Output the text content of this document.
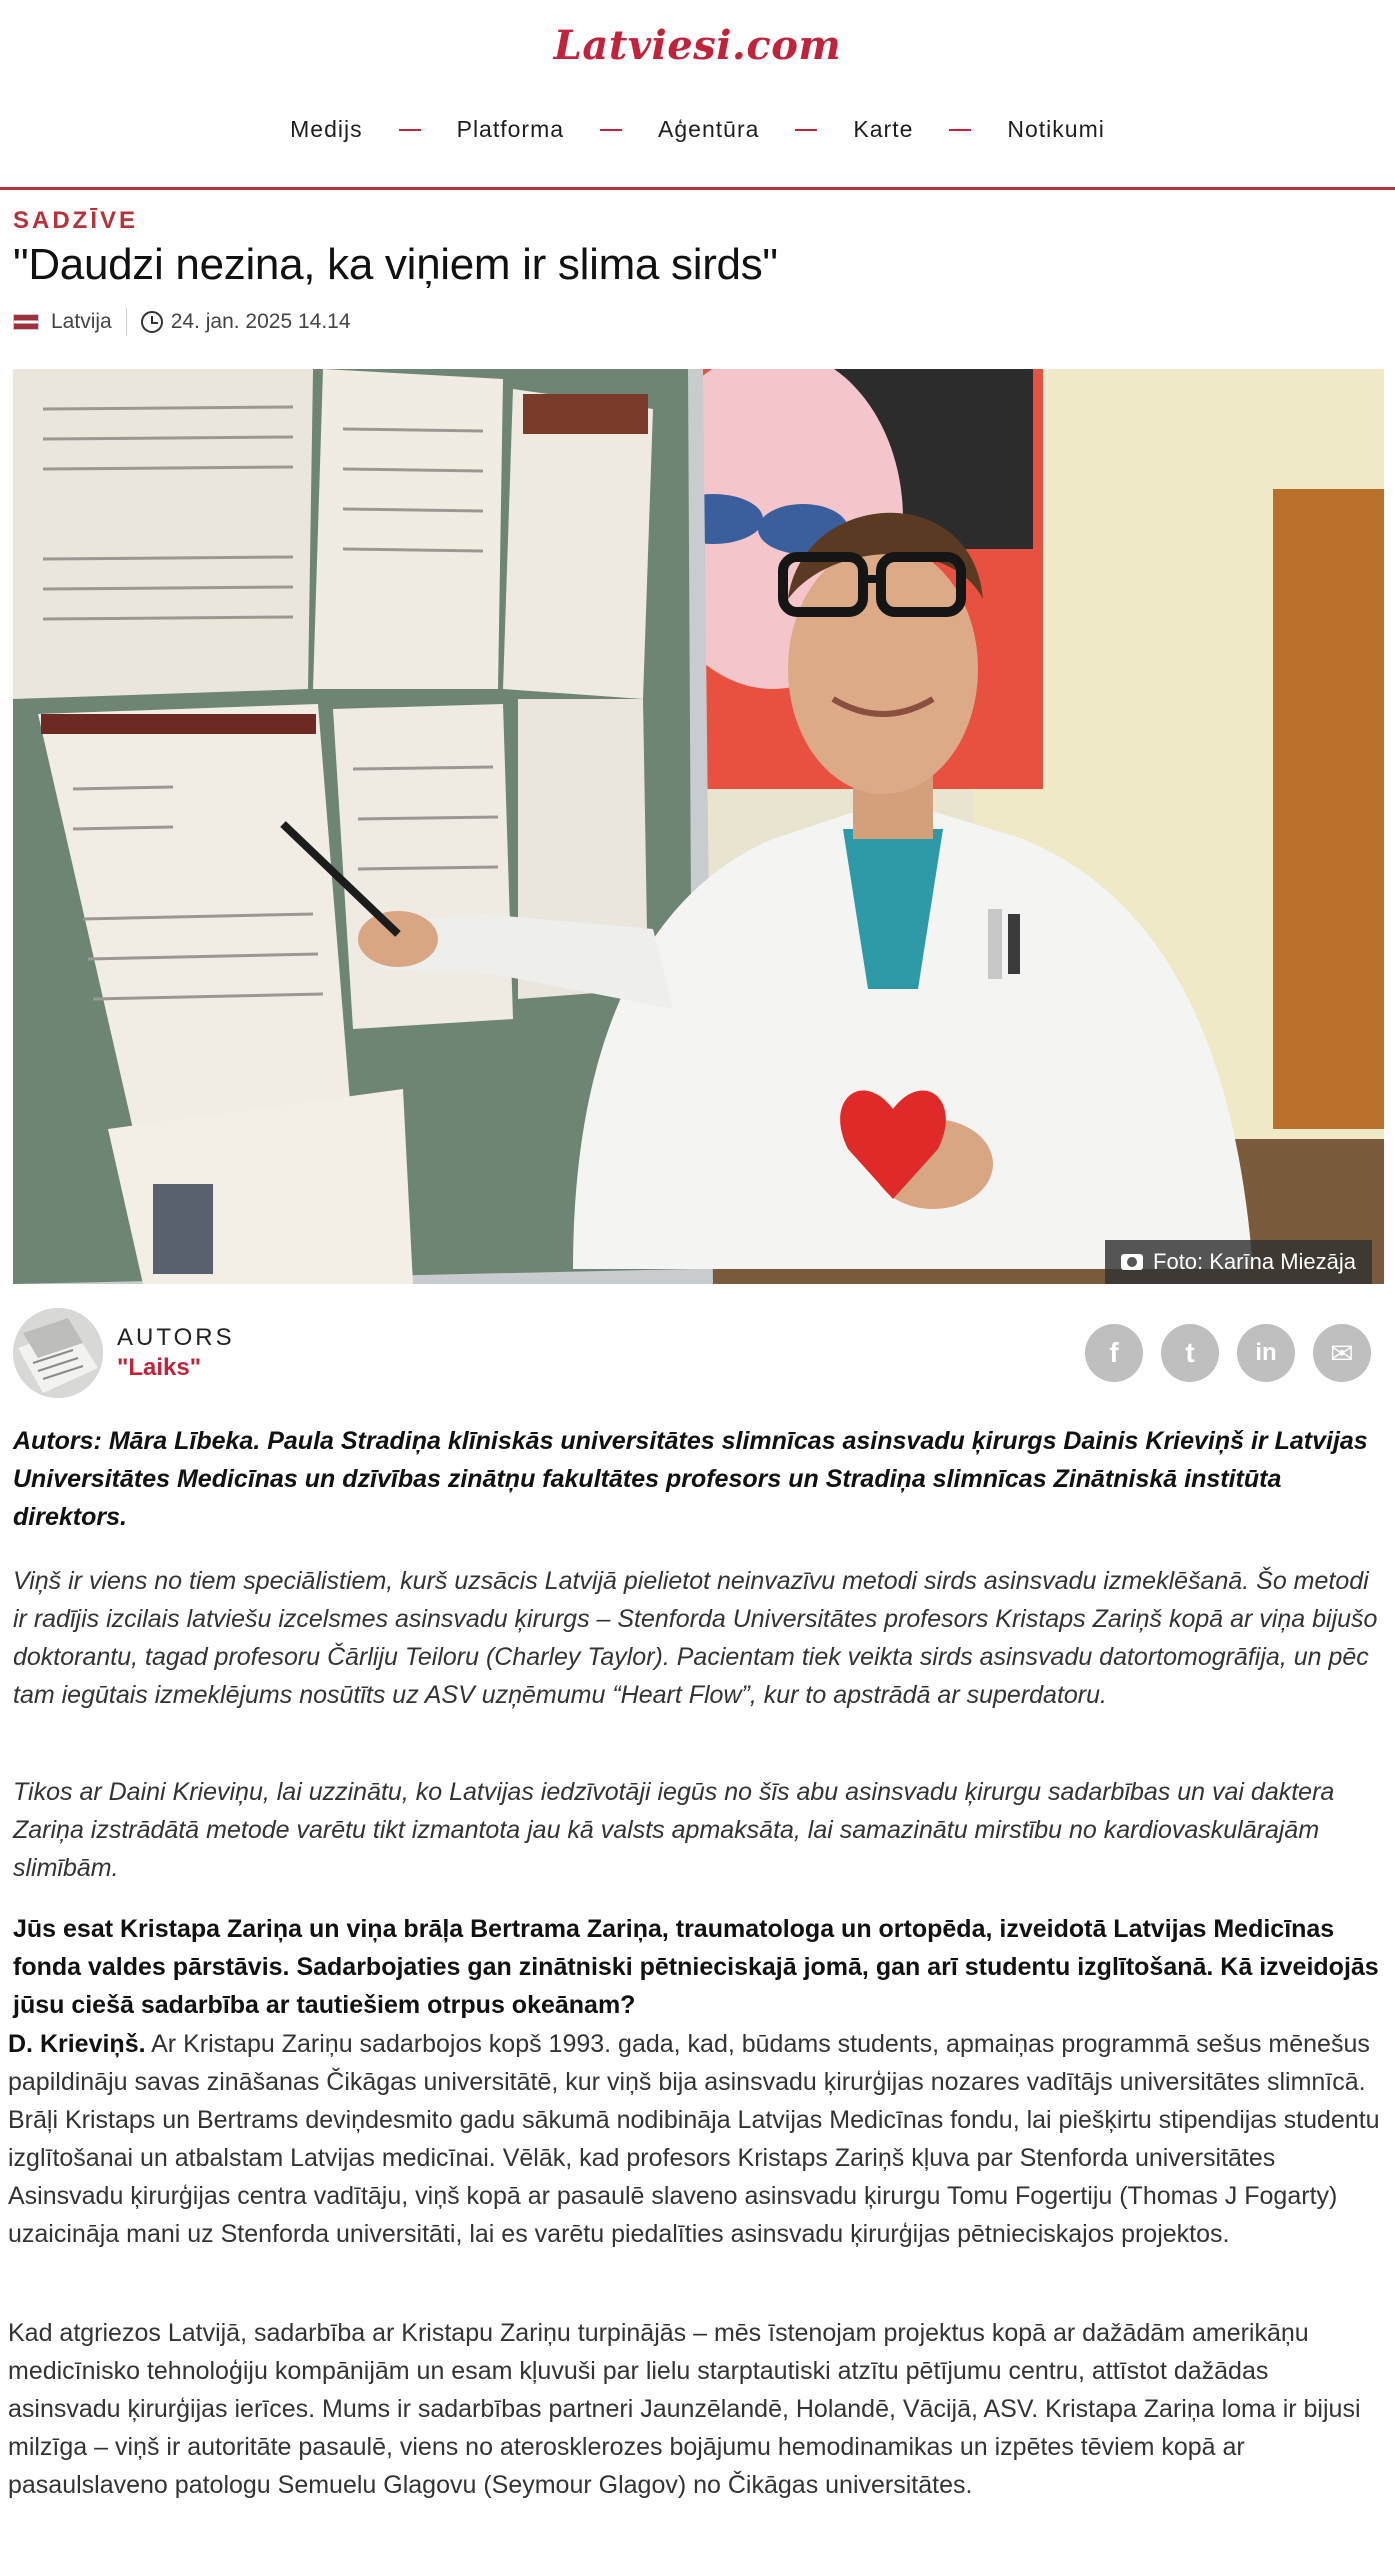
Latviesi.com
Medijs	Platforma	Aģentūra	Karte	Notikumi
SADZĪVE
"Daudzi nezina, ka viņiem ir slima sirds"
Latvija	24. jan. 2025 14.14
Foto: Karīna Miezāja
AUTORS
"Laiks"	f t	in ✉

Autors: Māra Lībeka. Paula Stradiņa klīniskās universitātes slimnīcas asinsvadu ķirurgs Dainis Krieviņš ir Latvijas Universitātes Medicīnas un dzīvības zinātņu fakultātes profesors un Stradiņa slimnīcas Zinātniskā institūta direktors.

Viņš ir viens no tiem speciālistiem, kurš uzsācis Latvijā pielietot neinvazīvu metodi sirds asinsvadu izmeklēšanā. Šo metodi ir radījis izcilais latviešu izcelsmes asinsvadu ķirurgs – Stenforda Universitātes profesors Kristaps Zariņš kopā ar viņa bijušo doktorantu, tagad profesoru Čārliju Teiloru (Charley Taylor). Pacientam tiek veikta sirds asinsvadu datortomogrāfija, un pēc tam iegūtais izmeklējums nosūtīts uz ASV uzņēmumu “Heart Flow”, kur to apstrādā ar superdatoru.

Tikos ar Daini Krieviņu, lai uzzinātu, ko Latvijas iedzīvotāji iegūs no šīs abu asinsvadu ķirurgu sadarbības un vai daktera Zariņa izstrādātā metode varētu tikt izmantota jau kā valsts apmaksāta, lai samazinātu mirstību no kardiovaskulārajām slimībām.

Jūs esat Kristapa Zariņa un viņa brāļa Bertrama Zariņa, traumatologa un ortopēda, izveidotā Latvijas Medicīnas fonda valdes pārstāvis. Sadarbojaties gan zinātniski pētnieciskajā jomā, gan arī studentu izglītošanā. Kā izveidojās jūsu ciešā sadarbība ar tautiešiem otrpus okeānam?

D. Krieviņš. Ar Kristapu Zariņu sadarbojos kopš 1993. gada, kad, būdams students, apmaiņas programmā sešus mēnešus papildināju savas zināšanas Čikāgas universitātē, kur viņš bija asinsvadu ķirurģijas nozares vadītājs universitātes slimnīcā. Brāļi Kristaps un Bertrams deviņdesmito gadu sākumā nodibināja Latvijas Medicīnas fondu, lai piešķirtu stipendijas studentu izglītošanai un atbalstam Latvijas medicīnai. Vēlāk, kad profesors Kristaps Zariņš kļuva par Stenforda universitātes Asinsvadu ķirurģijas centra vadītāju, viņš kopā ar pasaulē slaveno asinsvadu ķirurgu Tomu Fogertiju (Thomas J Fogarty) uzaicināja mani uz Stenforda universitāti, lai es varētu piedalīties asinsvadu ķirurģijas pētnieciskajos projektos.

Kad atgriezos Latvijā, sadarbība ar Kristapu Zariņu turpinājās – mēs īstenojam projektus kopā ar dažādām amerikāņu medicīnisko tehnoloģiju kompānijām un esam kļuvuši par lielu starptautiski atzītu pētījumu centru, attīstot dažādas asinsvadu ķirurģijas ierīces. Mums ir sadarbības partneri Jaunzēlandē, Holandē, Vācijā, ASV. Kristapa Zariņa loma ir bijusi milzīga – viņš ir autoritāte pasaulē, viens no aterosklerozes bojājumu hemodinamikas un izpētes tēviem kopā ar pasaulslaveno patologu Semuelu Glagovu (Seymour Glagov) no Čikāgas universitātes.
